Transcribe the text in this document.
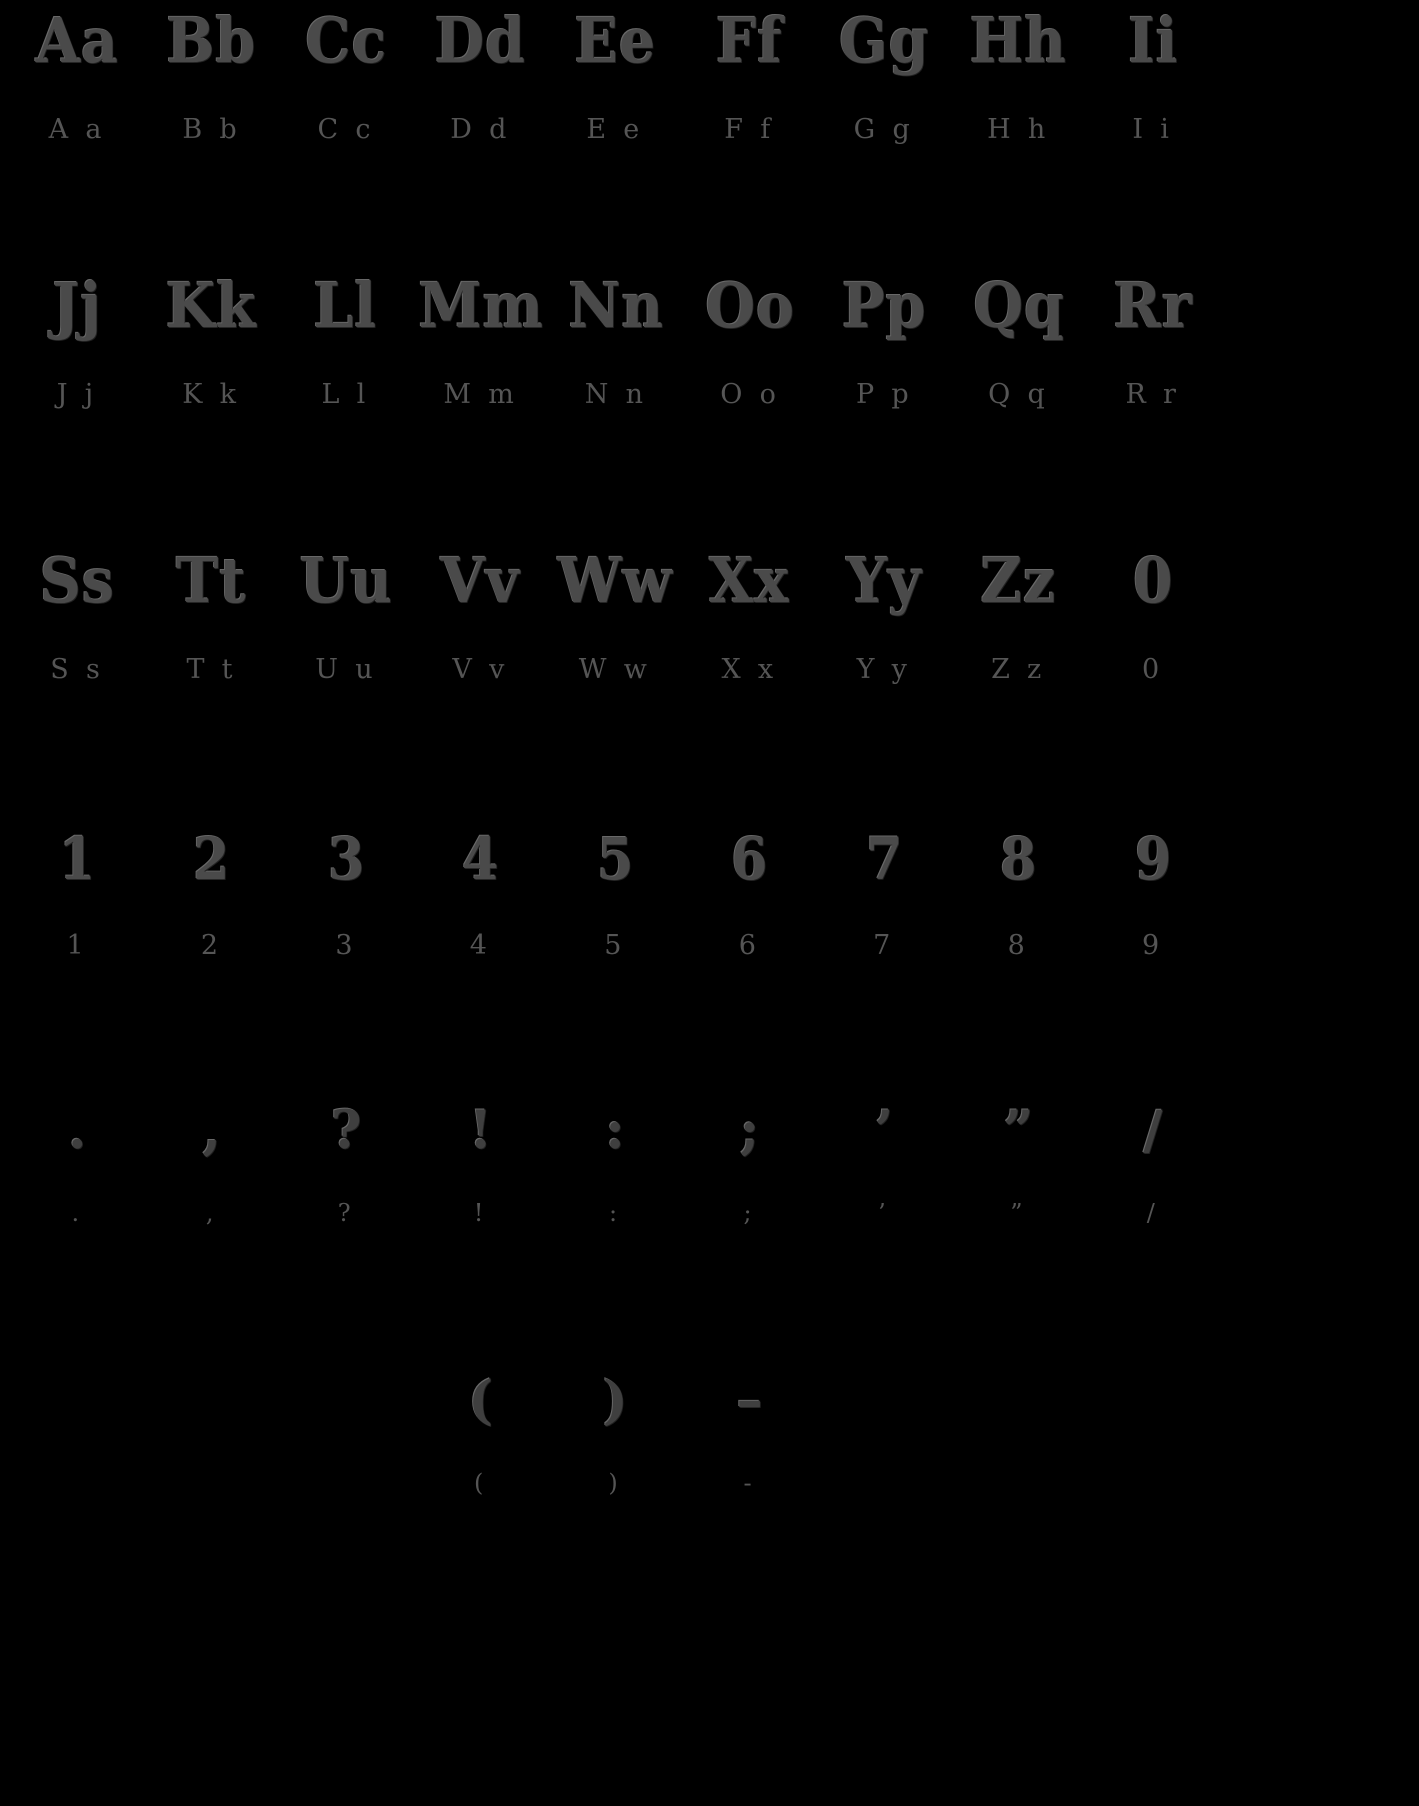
Aa
A a
Bb
B b
Cc
C c
Dd
D d
Ee
E e
Ff
F f
Gg
G g
Hh
H h
Ii
I i
Jj
J j
Kk
K k
Ll
L l
Mm
M m
Nn
N n
Oo
O o
Pp
P p
Qq
Q q
Rr
R r
Ss
S s
Tt
T t
Uu
U u
Vv
V v
Ww
W w
Xx
X x
Yy
Y y
Zz
Z z
0
0
1
1
2
2
3
3
4
4
5
5
6
6
7
7
8
8
9
9
.
.
,
,
?
?
!
!
:
:
;
;
’
’
”
”
/
/
(
(
)
)
–
-
